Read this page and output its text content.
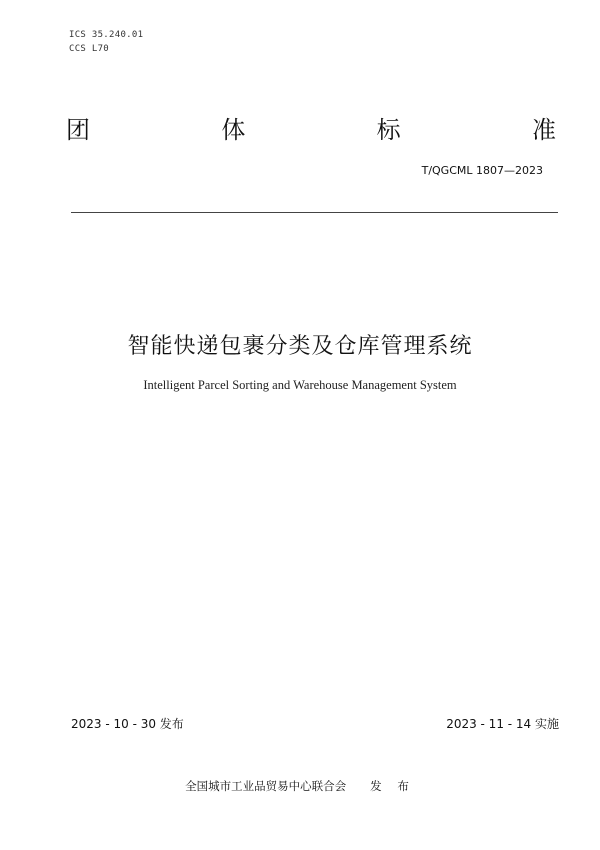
ICS 35.240.01
CCS L70
团	体	标	准
T/QGCML 1807—2023
智能快递包裹分类及仓库管理系统
Intelligent Parcel Sorting and Warehouse Management System
2023 - 10 - 30 发布	2023 - 11 - 14 实施
全国城市工业品贸易中心联合会 发 布
